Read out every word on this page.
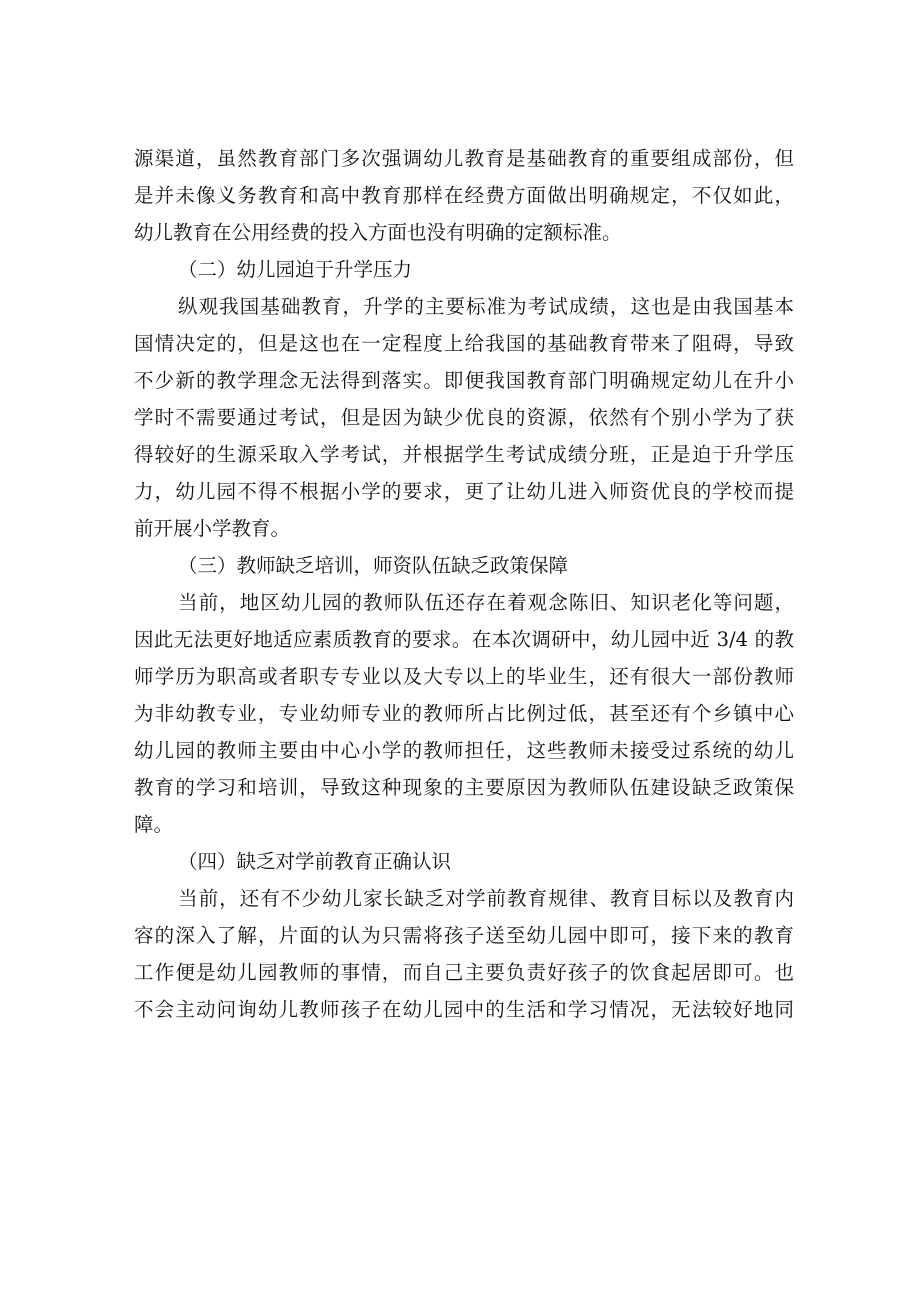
源渠道，虽然教育部门多次强调幼儿教育是基础教育的重要组成部份，但
是并未像义务教育和高中教育那样在经费方面做出明确规定，不仅如此，
幼儿教育在公用经费的投入方面也没有明确的定额标准。
（二）幼儿园迫于升学压力
纵观我国基础教育，升学的主要标准为考试成绩，这也是由我国基本
国情决定的，但是这也在一定程度上给我国的基础教育带来了阻碍，导致
不少新的教学理念无法得到落实。即便我国教育部门明确规定幼儿在升小
学时不需要通过考试，但是因为缺少优良的资源，依然有个别小学为了获
得较好的生源采取入学考试，并根据学生考试成绩分班，正是迫于升学压
力，幼儿园不得不根据小学的要求，更了让幼儿进入师资优良的学校而提
前开展小学教育。
（三）教师缺乏培训，师资队伍缺乏政策保障
当前，地区幼儿园的教师队伍还存在着观念陈旧、知识老化等问题，
因此无法更好地适应素质教育的要求。在本次调研中，幼儿园中近 3/4 的教
师学历为职高或者职专专业以及大专以上的毕业生，还有很大一部份教师
为非幼教专业，专业幼师专业的教师所占比例过低，甚至还有个乡镇中心
幼儿园的教师主要由中心小学的教师担任，这些教师未接受过系统的幼儿
教育的学习和培训，导致这种现象的主要原因为教师队伍建设缺乏政策保
障。
（四）缺乏对学前教育正确认识
当前，还有不少幼儿家长缺乏对学前教育规律、教育目标以及教育内
容的深入了解，片面的认为只需将孩子送至幼儿园中即可，接下来的教育
工作便是幼儿园教师的事情，而自己主要负责好孩子的饮食起居即可。也
不会主动问询幼儿教师孩子在幼儿园中的生活和学习情况，无法较好地同
